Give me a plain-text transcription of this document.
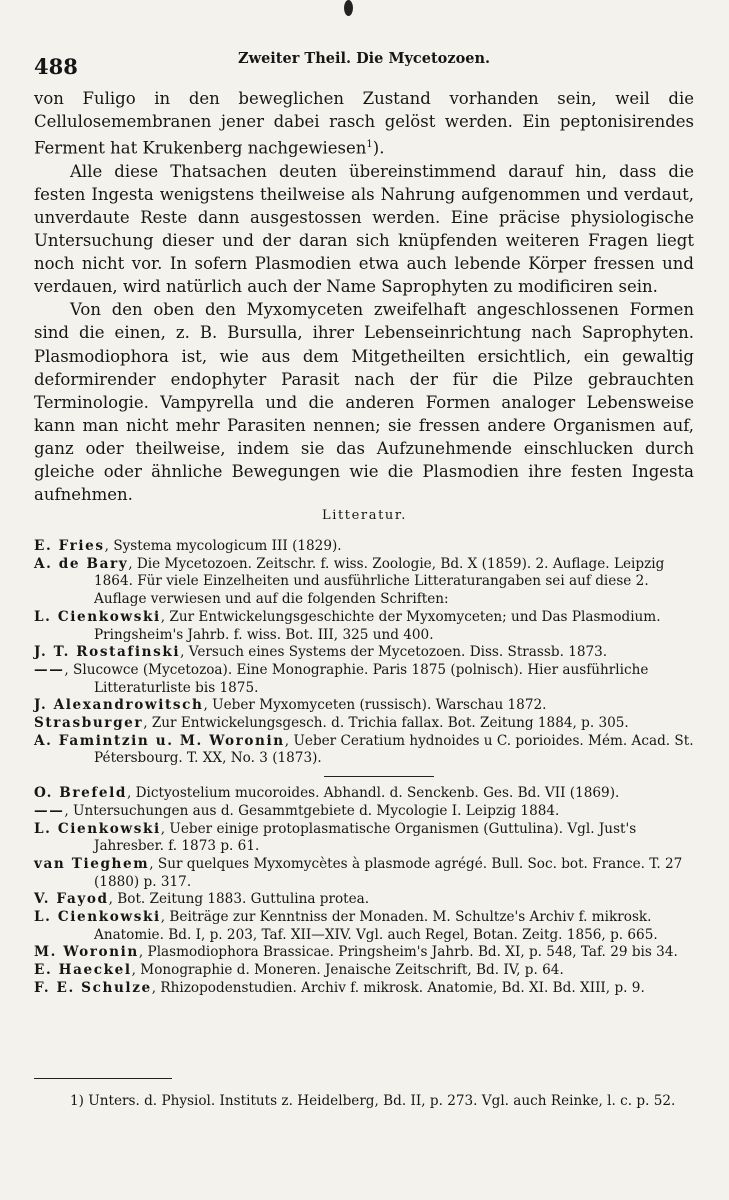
488	Zweiter Theil. Die Mycetozoen.

von Fuligo in den beweglichen Zustand vorhanden sein, weil die Cellulosemembranen jener dabei rasch gelöst werden. Ein peptonisirendes Ferment hat Krukenberg nachgewiesen$^1$).

Alle diese Thatsachen deuten übereinstimmend darauf hin, dass die festen Ingesta wenigstens theilweise als Nahrung aufgenommen und verdaut, unverdaute Reste dann ausgestossen werden. Eine präcise physiologische Untersuchung dieser und der daran sich knüpfenden weiteren Fragen liegt noch nicht vor. In sofern Plasmodien etwa auch lebende Körper fressen und verdauen, wird natürlich auch der Name Saprophyten zu modificiren sein.

Von den oben den Myxomyceten zweifelhaft angeschlossenen Formen sind die einen, z. B. Bursulla, ihrer Lebenseinrichtung nach Saprophyten. Plasmodiophora ist, wie aus dem Mitgetheilten ersichtlich, ein gewaltig deformirender endophyter Parasit nach der für die Pilze gebrauchten Terminologie. Vampyrella und die anderen Formen analoger Lebensweise kann man nicht mehr Parasiten nennen; sie fressen andere Organismen auf, ganz oder theilweise, indem sie das Aufzunehmende einschlucken durch gleiche oder ähnliche Bewegungen wie die Plasmodien ihre festen Ingesta aufnehmen.

Litteratur.

E. Fries, Systema mycologicum III (1829).

A. de Bary, Die Mycetozoen. Zeitschr. f. wiss. Zoologie, Bd. X (1859). 2. Auflage. Leipzig 1864. Für viele Einzelheiten und ausführliche Litteraturangaben sei auf diese 2. Auflage verwiesen und auf die folgenden Schriften:

L. Cienkowski, Zur Entwickelungsgeschichte der Myxomyceten; und Das Plasmodium. Pringsheim's Jahrb. f. wiss. Bot. III, 325 und 400.

J. T. Rostafinski, Versuch eines Systems der Mycetozoen. Diss. Strassb. 1873.

——, Slucowce (Mycetozoa). Eine Monographie. Paris 1875 (polnisch). Hier ausführliche Litteraturliste bis 1875.

J. Alexandrowitsch, Ueber Myxomyceten (russisch). Warschau 1872.

Strasburger, Zur Entwickelungsgesch. d. Trichia fallax. Bot. Zeitung 1884, p. 305.

A. Famintzin u. M. Woronin, Ueber Ceratium hydnoides u C. porioides. Mém. Acad. St. Pétersbourg. T. XX, No. 3 (1873).

O. Brefeld, Dictyostelium mucoroides. Abhandl. d. Senckenb. Ges. Bd. VII (1869).

——, Untersuchungen aus d. Gesammtgebiete d. Mycologie I. Leipzig 1884.

L. Cienkowski, Ueber einige protoplasmatische Organismen (Guttulina). Vgl. Just's Jahresber. f. 1873 p. 61.

van Tieghem, Sur quelques Myxomycètes à plasmode agrégé. Bull. Soc. bot. France. T. 27 (1880) p. 317.

V. Fayod, Bot. Zeitung 1883. Guttulina protea.

L. Cienkowski, Beiträge zur Kenntniss der Monaden. M. Schultze's Archiv f. mikrosk. Anatomie. Bd. I, p. 203, Taf. XII—XIV. Vgl. auch Regel, Botan. Zeitg. 1856, p. 665.

M. Woronin, Plasmodiophora Brassicae. Pringsheim's Jahrb. Bd. XI, p. 548, Taf. 29 bis 34.

E. Haeckel, Monographie d. Moneren. Jenaische Zeitschrift, Bd. IV, p. 64.

F. E. Schulze, Rhizopodenstudien. Archiv f. mikrosk. Anatomie, Bd. XI. Bd. XIII, p. 9.

1) Unters. d. Physiol. Instituts z. Heidelberg, Bd. II, p. 273. Vgl. auch Reinke, l. c. p. 52.
